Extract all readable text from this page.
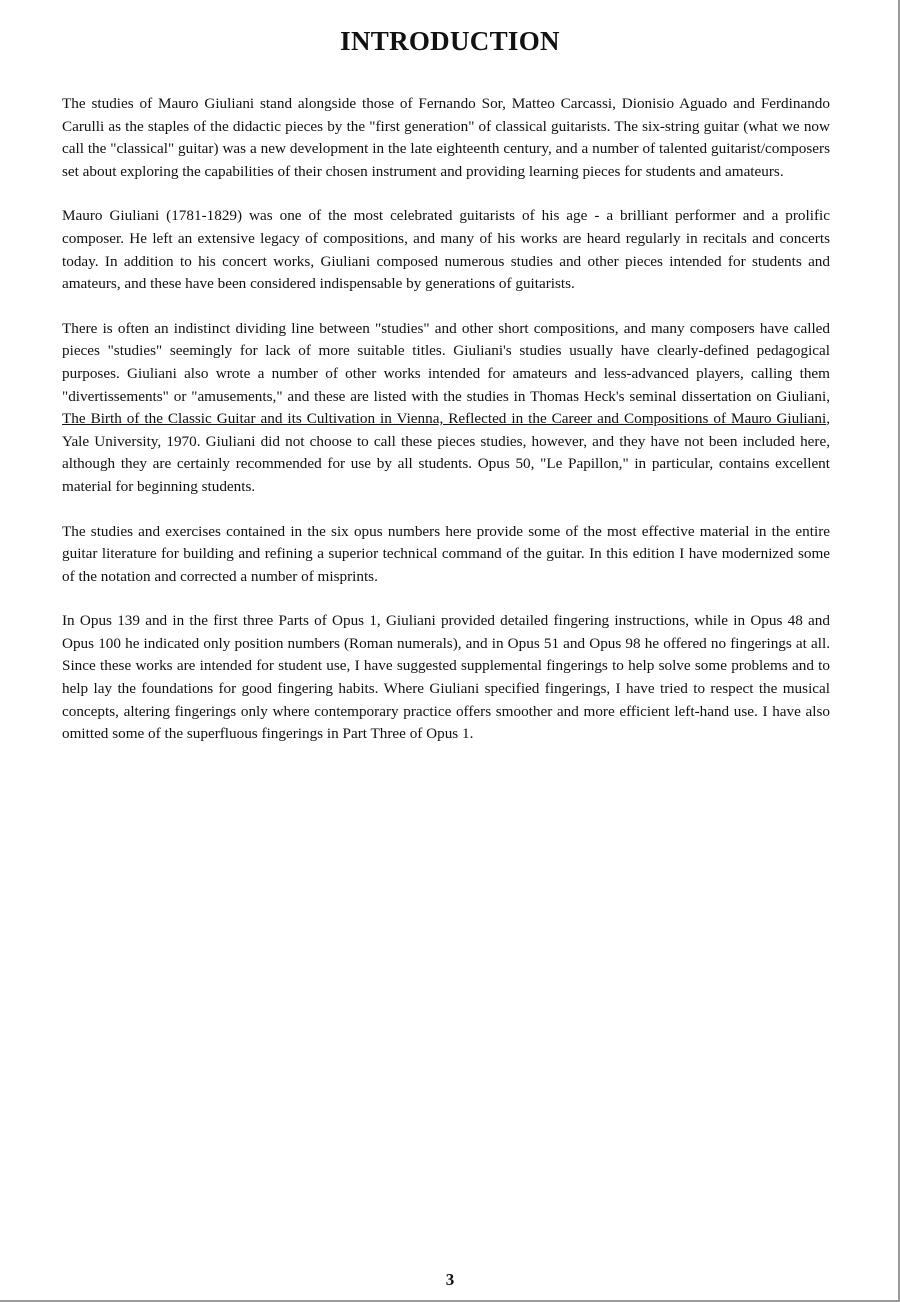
INTRODUCTION

The studies of Mauro Giuliani stand alongside those of Fernando Sor, Matteo Carcassi, Dionisio Aguado and Ferdinando Carulli as the staples of the didactic pieces by the "first generation" of classical guitarists. The six-string guitar (what we now call the "classical" guitar) was a new development in the late eighteenth century, and a number of talented guitarist/composers set about exploring the capabilities of their chosen instrument and providing learning pieces for students and amateurs.

Mauro Giuliani (1781-1829) was one of the most celebrated guitarists of his age - a brilliant performer and a prolific composer. He left an extensive legacy of compositions, and many of his works are heard regularly in recitals and concerts today. In addition to his concert works, Giuliani composed numerous studies and other pieces intended for students and amateurs, and these have been considered indispensable by generations of guitarists.

There is often an indistinct dividing line between "studies" and other short compositions, and many composers have called pieces "studies" seemingly for lack of more suitable titles. Giuliani's studies usually have clearly-defined pedagogical purposes. Giuliani also wrote a number of other works intended for amateurs and less-advanced players, calling them "divertissements" or "amusements," and these are listed with the studies in Thomas Heck's seminal dissertation on Giuliani, The Birth of the Classic Guitar and its Cultivation in Vienna, Reflected in the Career and Compositions of Mauro Giuliani, Yale University, 1970. Giuliani did not choose to call these pieces studies, however, and they have not been included here, although they are certainly recommended for use by all students. Opus 50, "Le Papillon," in particular, contains excellent material for beginning students.

The studies and exercises contained in the six opus numbers here provide some of the most effective material in the entire guitar literature for building and refining a superior technical command of the guitar. In this edition I have modernized some of the notation and corrected a number of misprints.

In Opus 139 and in the first three Parts of Opus 1, Giuliani provided detailed fingering instructions, while in Opus 48 and Opus 100 he indicated only position numbers (Roman numerals), and in Opus 51 and Opus 98 he offered no fingerings at all. Since these works are intended for student use, I have suggested supplemental fingerings to help solve some problems and to help lay the foundations for good fingering habits. Where Giuliani specified fingerings, I have tried to respect the musical concepts, altering fingerings only where contemporary practice offers smoother and more efficient left-hand use. I have also omitted some of the superfluous fingerings in Part Three of Opus 1.

3
